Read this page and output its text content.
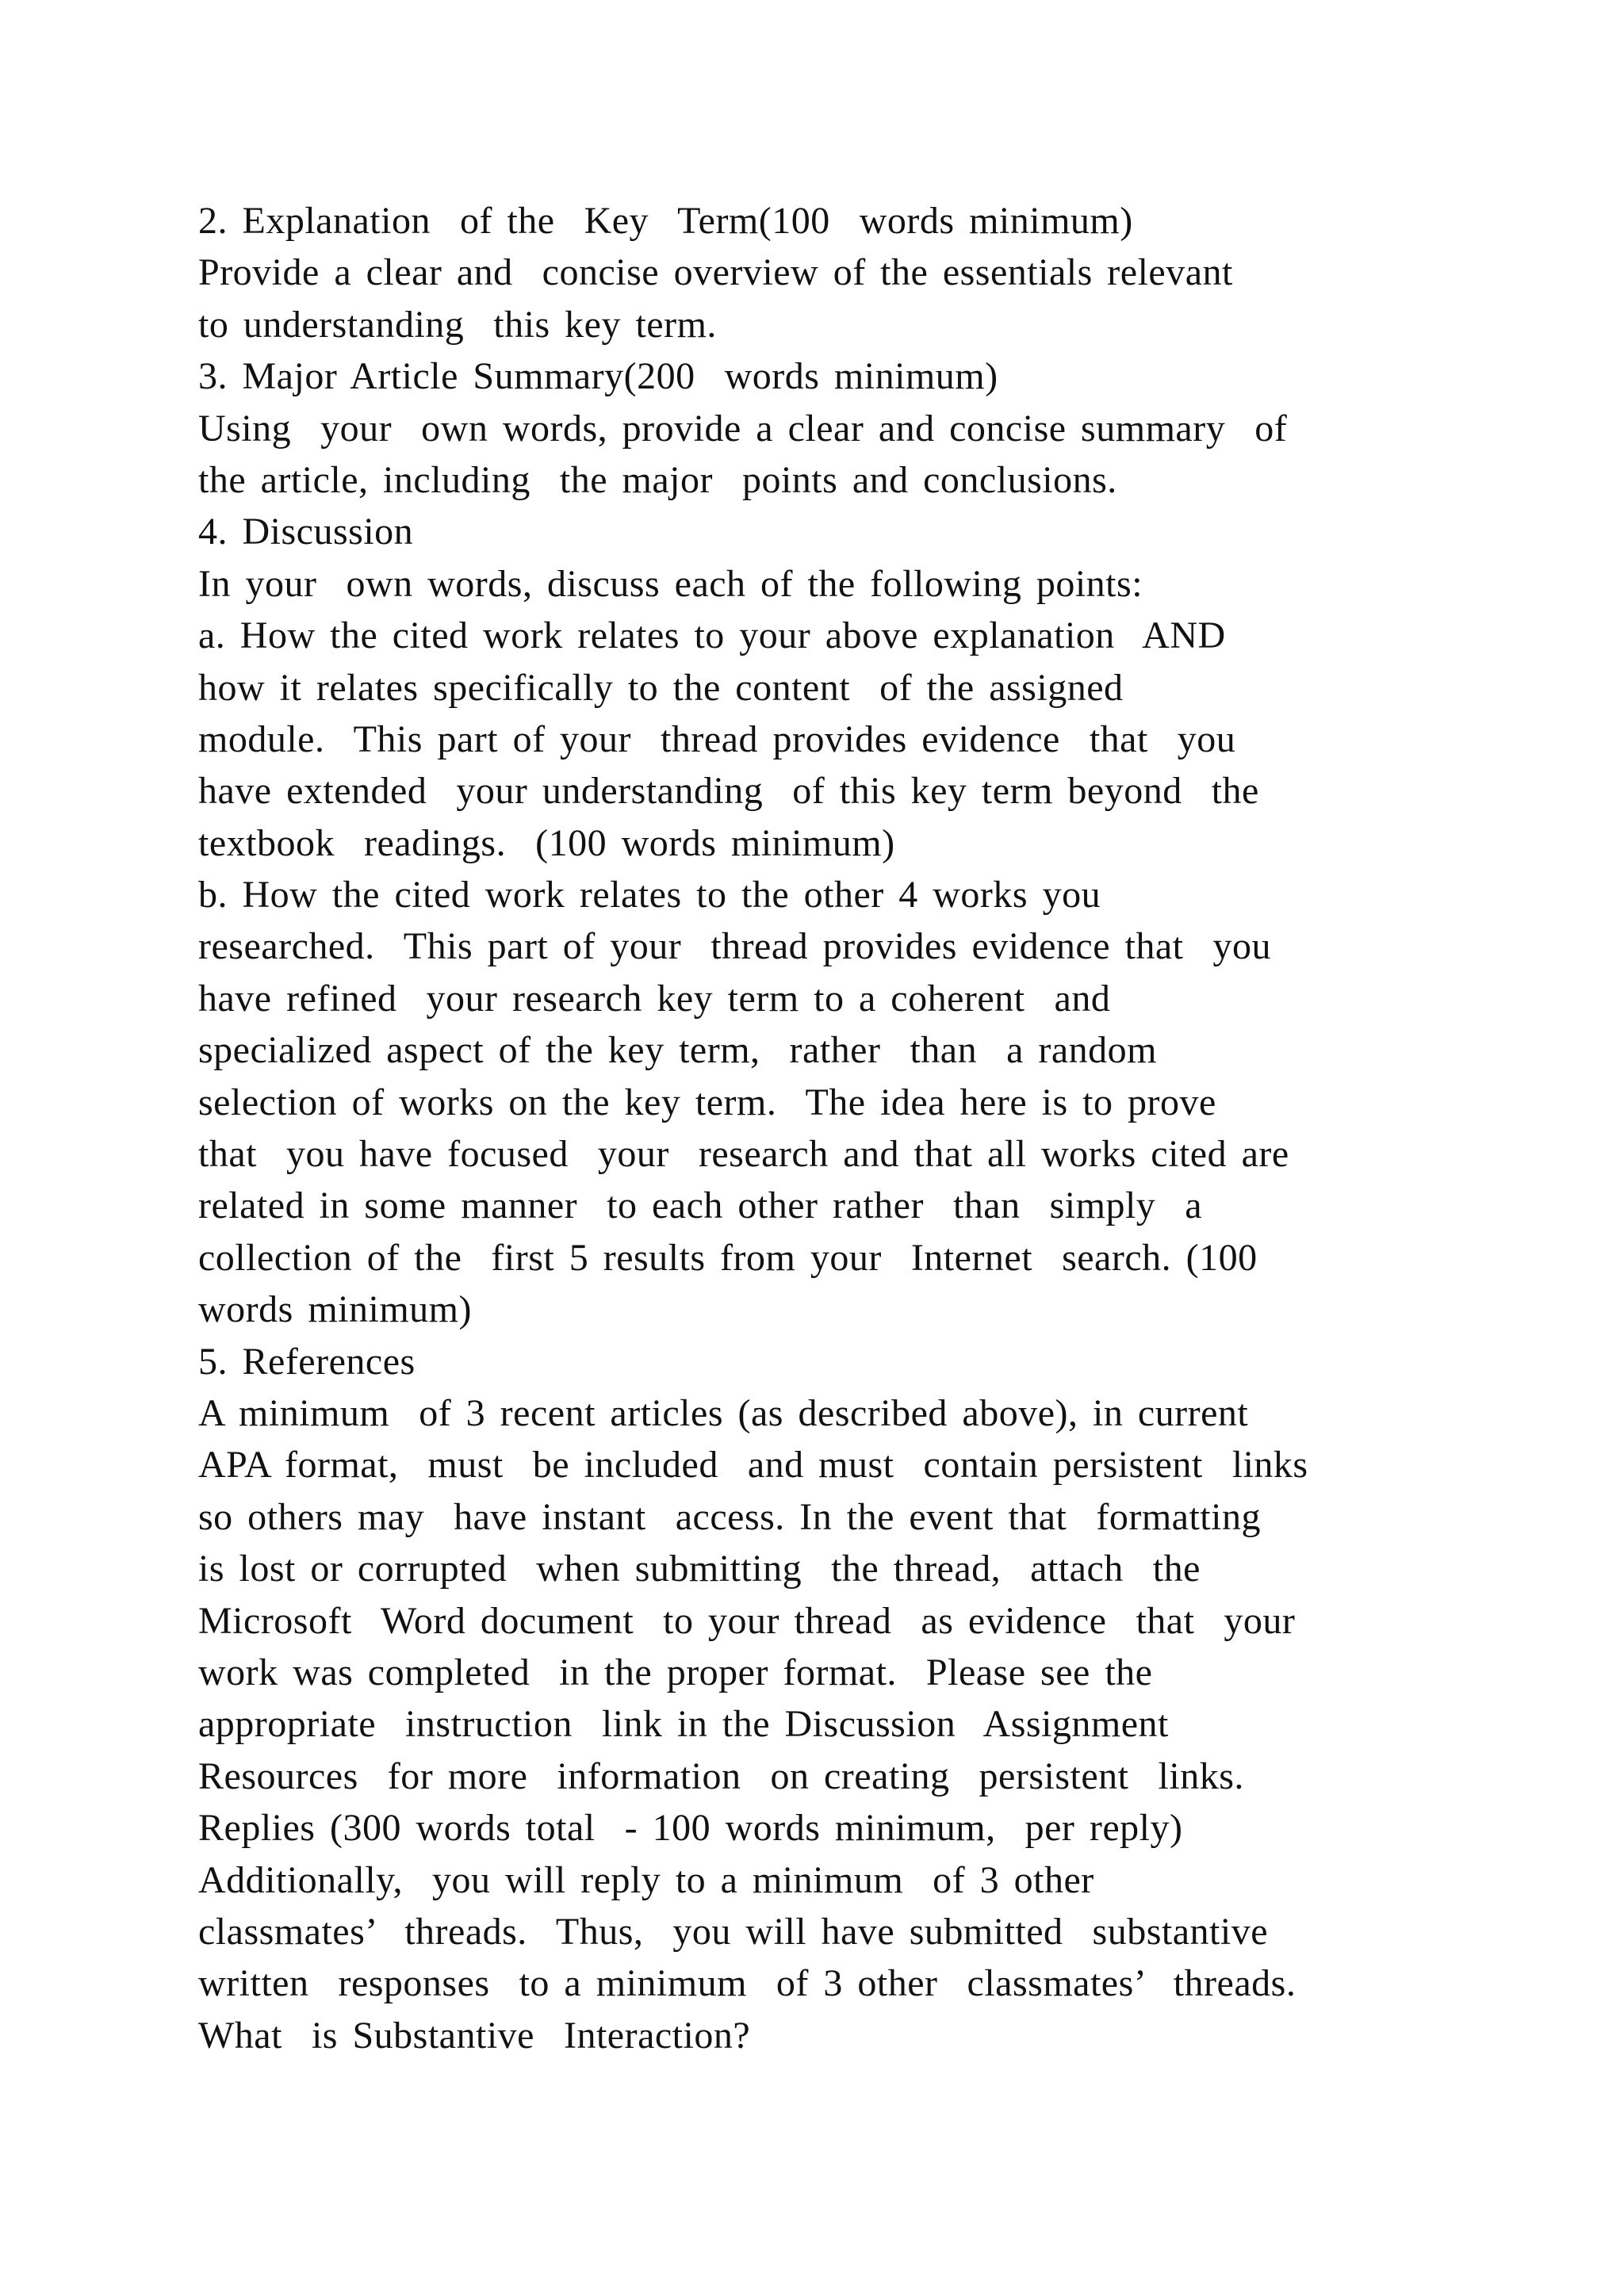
2. Explanation  of the  Key  Term(100  words minimum)
Provide a clear and  concise overview of the essentials relevant
to understanding  this key term.
3. Major Article Summary(200  words minimum)
Using  your  own words, provide a clear and concise summary  of
the article, including  the major  points and conclusions.
4. Discussion
In your  own words, discuss each of the following points:
a. How the cited work relates to your above explanation  AND
how it relates specifically to the content  of the assigned
module.  This part of your  thread provides evidence  that  you
have extended  your understanding  of this key term beyond  the
textbook  readings.  (100 words minimum)
b. How the cited work relates to the other 4 works you
researched.  This part of your  thread provides evidence that  you
have refined  your research key term to a coherent  and
specialized aspect of the key term,  rather  than  a random
selection of works on the key term.  The idea here is to prove
that  you have focused  your  research and that all works cited are
related in some manner  to each other rather  than  simply  a
collection of the  first 5 results from your  Internet  search. (100
words minimum)
5. References
A minimum  of 3 recent articles (as described above), in current
APA format,  must  be included  and must  contain persistent  links
so others may  have instant  access. In the event that  formatting
is lost or corrupted  when submitting  the thread,  attach  the
Microsoft  Word document  to your thread  as evidence  that  your
work was completed  in the proper format.  Please see the
appropriate  instruction  link in the Discussion  Assignment
Resources  for more  information  on creating  persistent  links.
Replies (300 words total  - 100 words minimum,  per reply)
Additionally,  you will reply to a minimum  of 3 other
classmates’  threads.  Thus,  you will have submitted  substantive
written  responses  to a minimum  of 3 other  classmates’  threads.
What  is Substantive  Interaction?
